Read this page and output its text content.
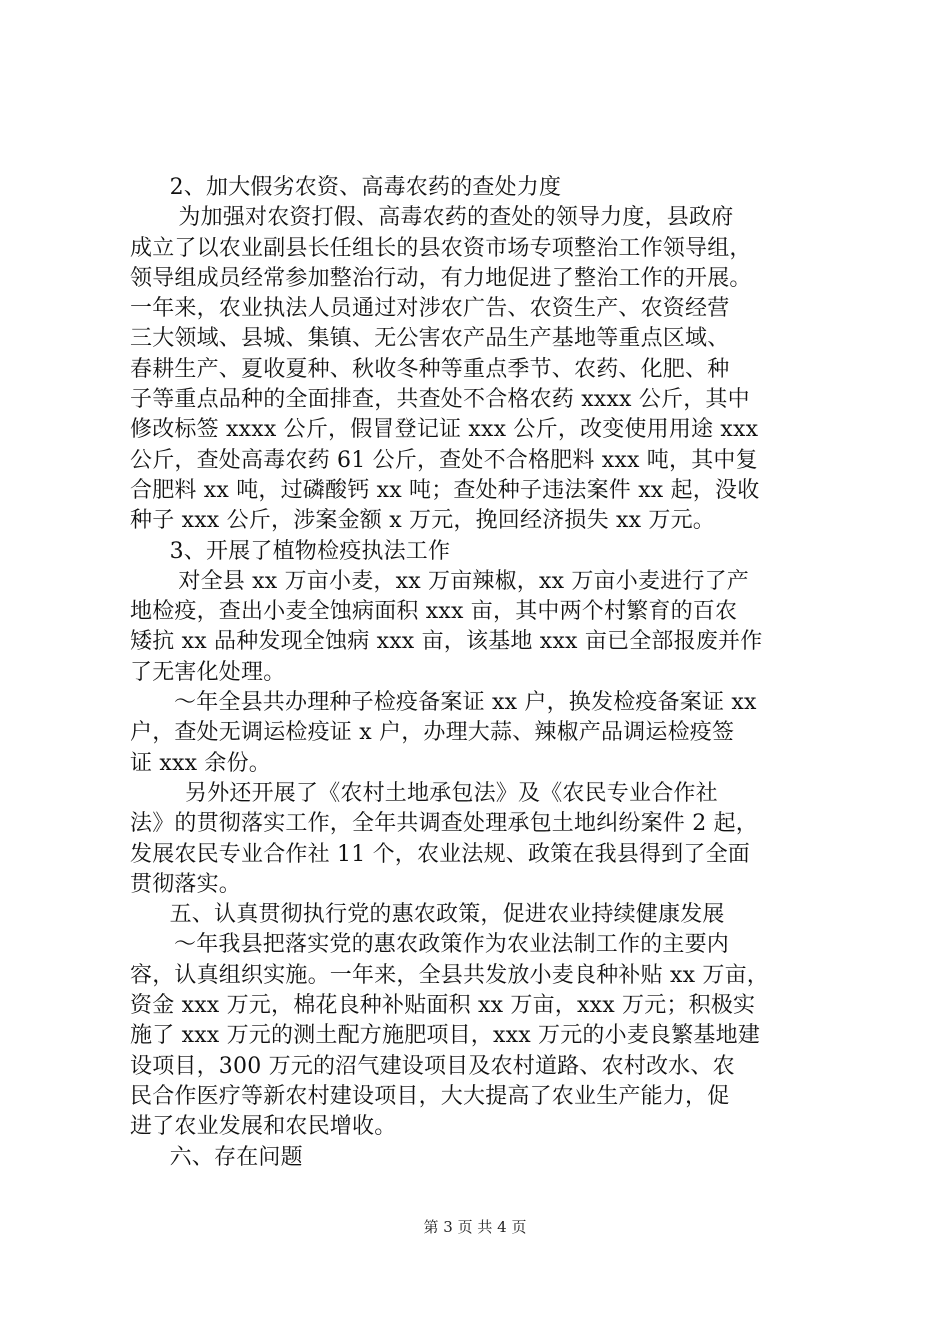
2、加大假劣农资、高毒农药的查处力度
为加强对农资打假、高毒农药的查处的领导力度，县政府
成立了以农业副县长任组长的县农资市场专项整治工作领导组，
领导组成员经常参加整治行动，有力地促进了整治工作的开展。
一年来，农业执法人员通过对涉农广告、农资生产、农资经营
三大领域、县城、集镇、无公害农产品生产基地等重点区域、
春耕生产、夏收夏种、秋收冬种等重点季节、农药、化肥、种
子等重点品种的全面排查，共查处不合格农药 xxxx 公斤，其中
修改标签 xxxx 公斤，假冒登记证 xxx 公斤，改变使用用途 xxx
公斤，查处高毒农药 61 公斤，查处不合格肥料 xxx 吨，其中复
合肥料 xx 吨，过磷酸钙 xx 吨；查处种子违法案件 xx 起，没收
种子 xxx 公斤，涉案金额 x 万元，挽回经济损失 xx 万元。
3、开展了植物检疫执法工作
对全县 xx 万亩小麦，xx 万亩辣椒，xx 万亩小麦进行了产
地检疫，查出小麦全蚀病面积 xxx 亩，其中两个村繁育的百农
矮抗 xx 品种发现全蚀病 xxx 亩，该基地 xxx 亩已全部报废并作
了无害化处理。
～年全县共办理种子检疫备案证 xx 户，换发检疫备案证 xx
户，查处无调运检疫证 x 户，办理大蒜、辣椒产品调运检疫签
证 xxx 余份。
另外还开展了《农村土地承包法》及《农民专业合作社
法》的贯彻落实工作，全年共调查处理承包土地纠纷案件 2 起，
发展农民专业合作社 11 个，农业法规、政策在我县得到了全面
贯彻落实。
五、认真贯彻执行党的惠农政策，促进农业持续健康发展
～年我县把落实党的惠农政策作为农业法制工作的主要内
容，认真组织实施。一年来，全县共发放小麦良种补贴 xx 万亩，
资金 xxx 万元，棉花良种补贴面积 xx 万亩，xxx 万元；积极实
施了 xxx 万元的测土配方施肥项目，xxx 万元的小麦良繁基地建
设项目，300 万元的沼气建设项目及农村道路、农村改水、农
民合作医疗等新农村建设项目，大大提高了农业生产能力，促
进了农业发展和农民增收。
六、存在问题
第 3 页 共 4 页
